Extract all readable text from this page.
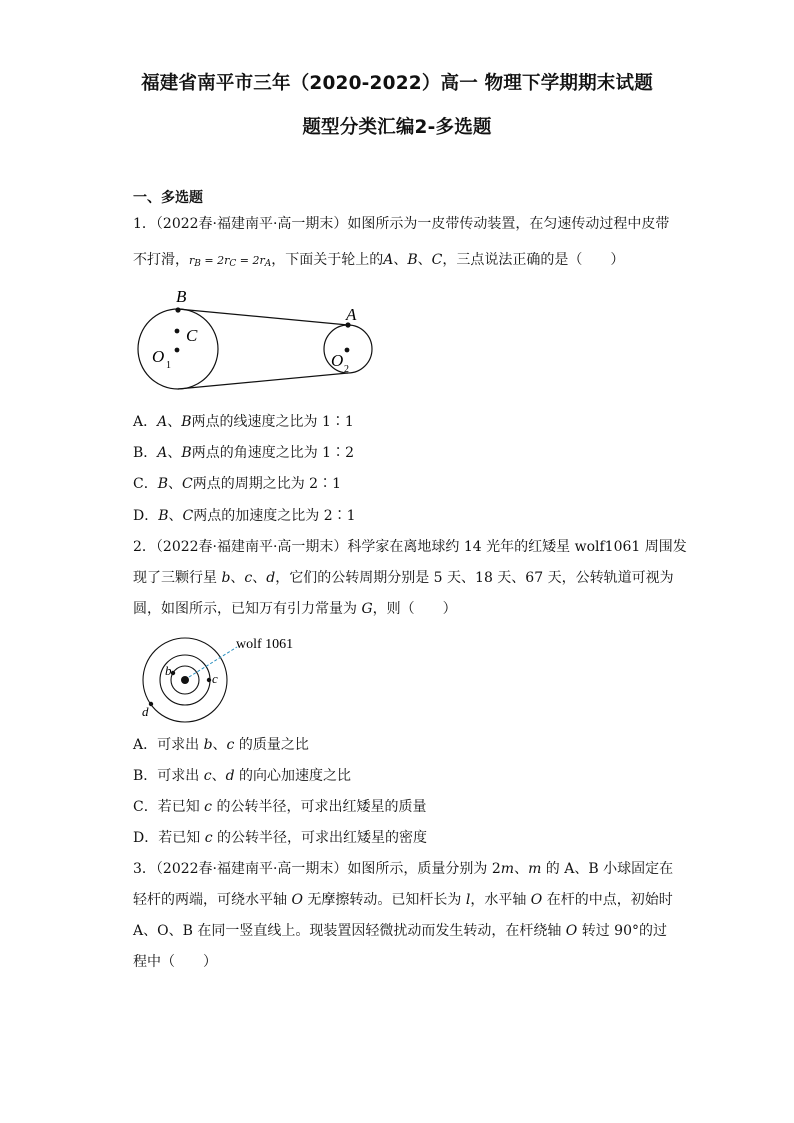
福建省南平市三年（2020-2022）高一 物理下学期期末试题
题型分类汇编2-多选题
一、多选题
1．（2022春·福建南平·高一期末）如图所示为一皮带传动装置，在匀速传动过程中皮带
不打滑，$r_B = 2r_C = 2r_A$，下面关于轮上的A、B、C，三点说法正确的是（　　）
B
A
C
O 1	O 2
A．A、B两点的线速度之比为 1∶1
B．A、B两点的角速度之比为 1∶2
C．B、C两点的周期之比为 2∶1
D．B、C两点的加速度之比为 2∶1
2．（2022春·福建南平·高一期末）科学家在离地球约 14 光年的红矮星 wolf1061 周围发
现了三颗行星 b、c、d，它们的公转周期分别是 5 天、18 天、67 天，公转轨道可视为
圆，如图所示，已知万有引力常量为 G，则（　　）
wolf 1061
b
c
d
A．可求出 b、c 的质量之比
B．可求出 c、d 的向心加速度之比
C．若已知 c 的公转半径，可求出红矮星的质量
D．若已知 c 的公转半径，可求出红矮星的密度
3．（2022春·福建南平·高一期末）如图所示，质量分别为 2m、m 的 A、B 小球固定在
轻杆的两端，可绕水平轴 O 无摩擦转动。已知杆长为 l，水平轴 O 在杆的中点，初始时
A、O、B 在同一竖直线上。现装置因轻微扰动而发生转动，在杆绕轴 O 转过 90°的过
程中（　　）
